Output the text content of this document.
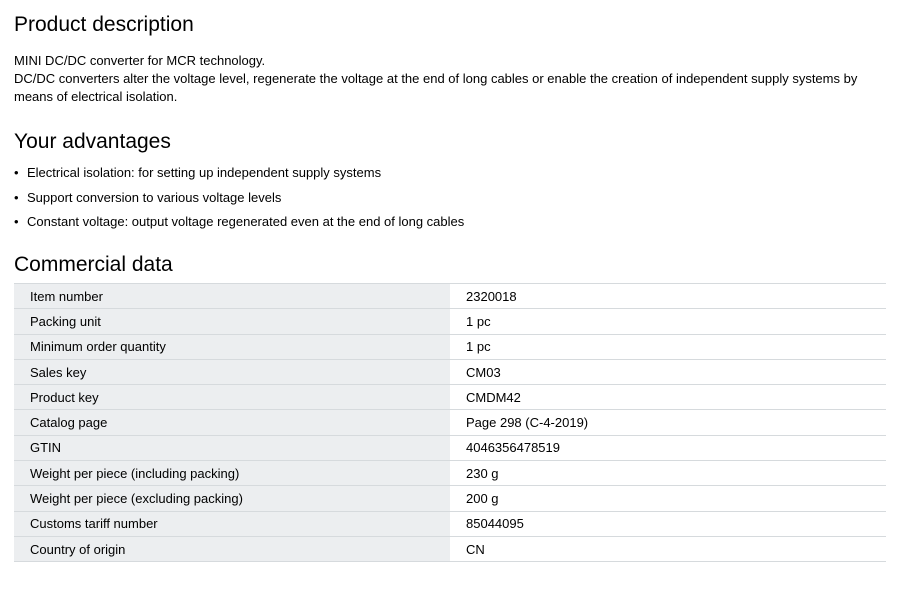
Product description

MINI DC/DC converter for MCR technology.

DC/DC converters alter the voltage level, regenerate the voltage at the end of long cables or enable the creation of independent supply systems by means of electrical isolation.

Your advantages
• Electrical isolation: for setting up independent supply systems
• Support conversion to various voltage levels
• Constant voltage: output voltage regenerated even at the end of long cables
Commercial data
Item number	2320018
Packing unit	1 pc
Minimum order quantity	1 pc
Sales key	CM03
Product key	CMDM42
Catalog page	Page 298 (C-4-2019)
GTIN	4046356478519
Weight per piece (including packing)	230 g
Weight per piece (excluding packing)	200 g
Customs tariff number	85044095
Country of origin	CN
